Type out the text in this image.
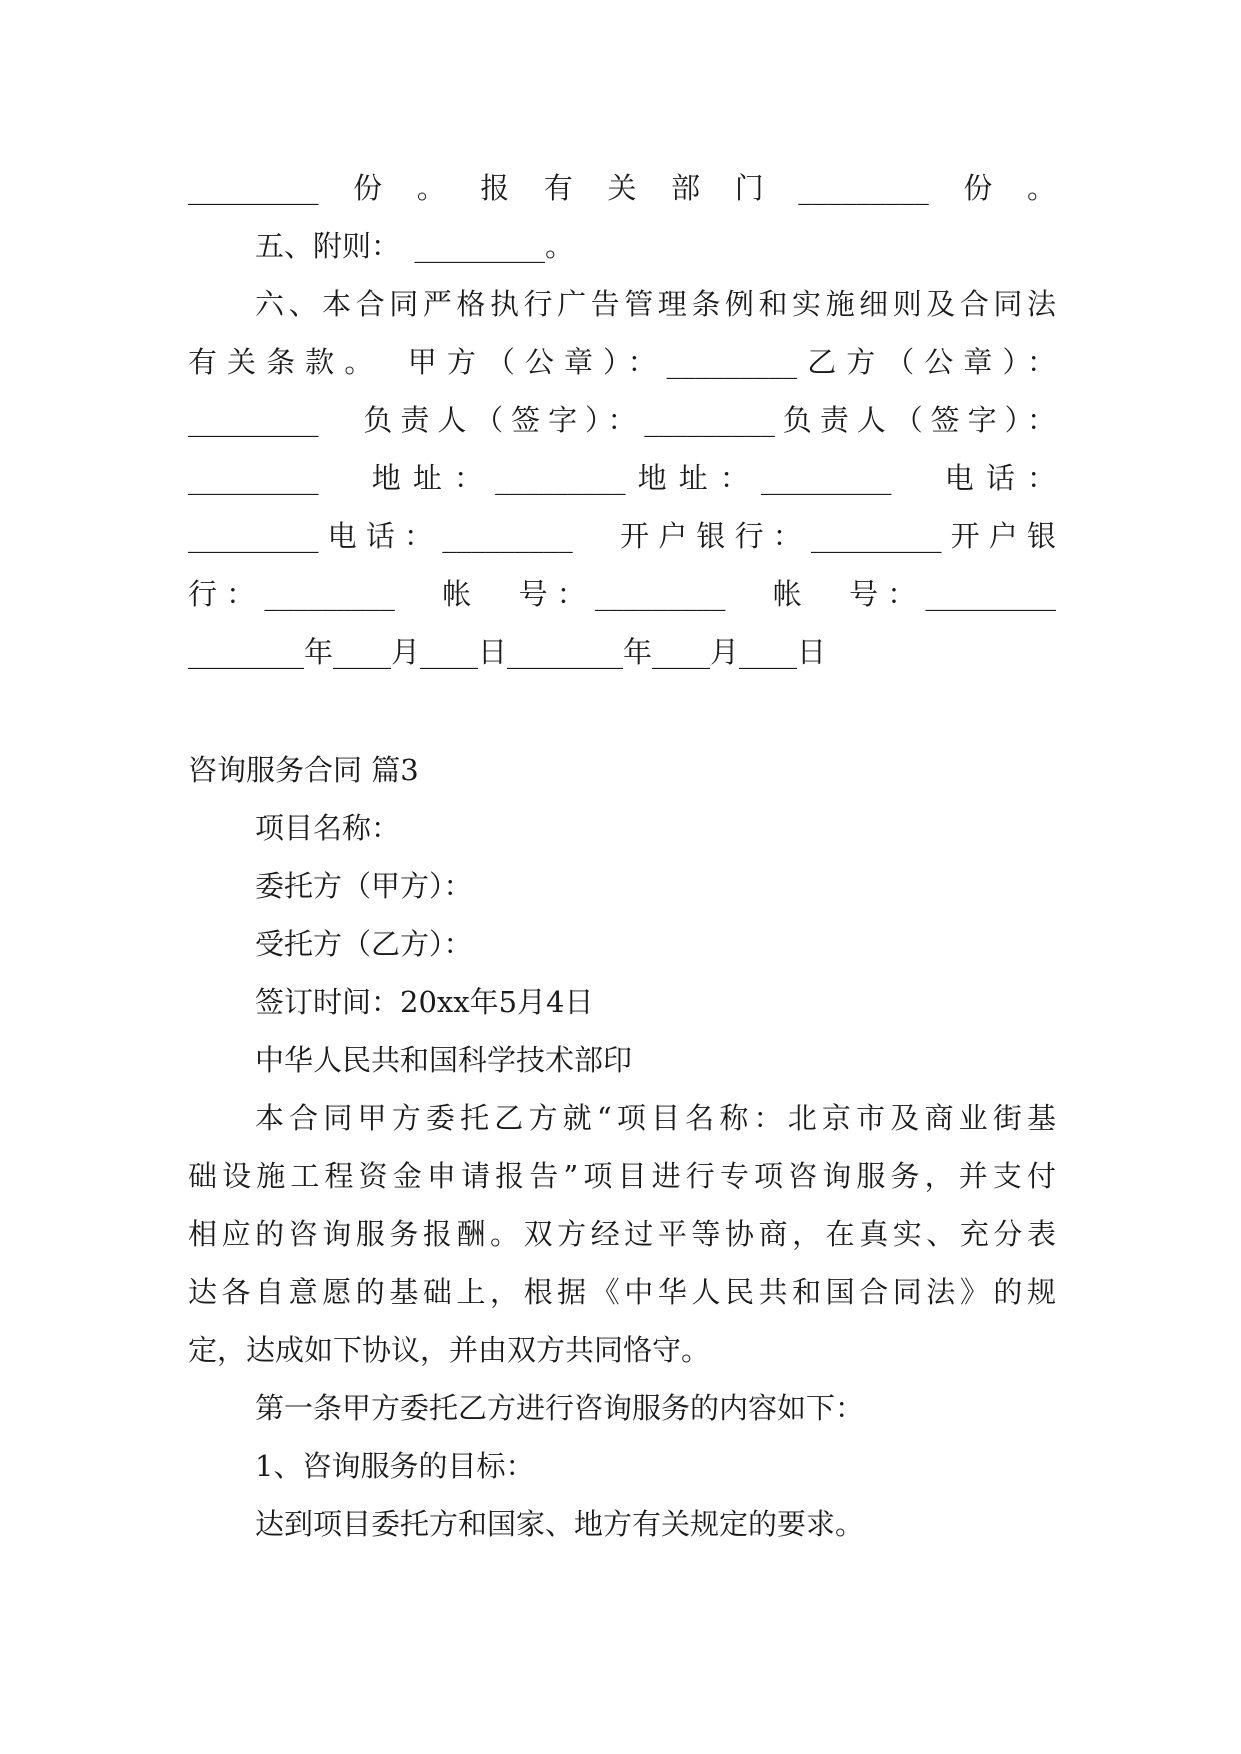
_________份。报有关部门_________份。
五、附则：　_________。
六、本合同严格执行广告管理条例和实施细则及合同法
有关条款。　甲方（公章）：_________乙方（公章）：
_________　负责人（签字）：_________负责人（签字）：
_________　地址：_________地址：_________　电话：
_________电话：_________　开户银行：_________开户银
行：_________　帐　号：_________　帐　号：_________
________年____月____日________年____月____日
咨询服务合同 篇3
项目名称：
委托方（甲方）：
受托方（乙方）：
签订时间：20xx年5月4日
中华人民共和国科学技术部印
本合同甲方委托乙方就“项目名称：北京市及商业街基
础设施工程资金申请报告”项目进行专项咨询服务，并支付
相应的咨询服务报酬。双方经过平等协商，在真实、充分表
达各自意愿的基础上，根据《中华人民共和国合同法》的规
定，达成如下协议，并由双方共同恪守。
第一条甲方委托乙方进行咨询服务的内容如下：
1、咨询服务的目标：
达到项目委托方和国家、地方有关规定的要求。
